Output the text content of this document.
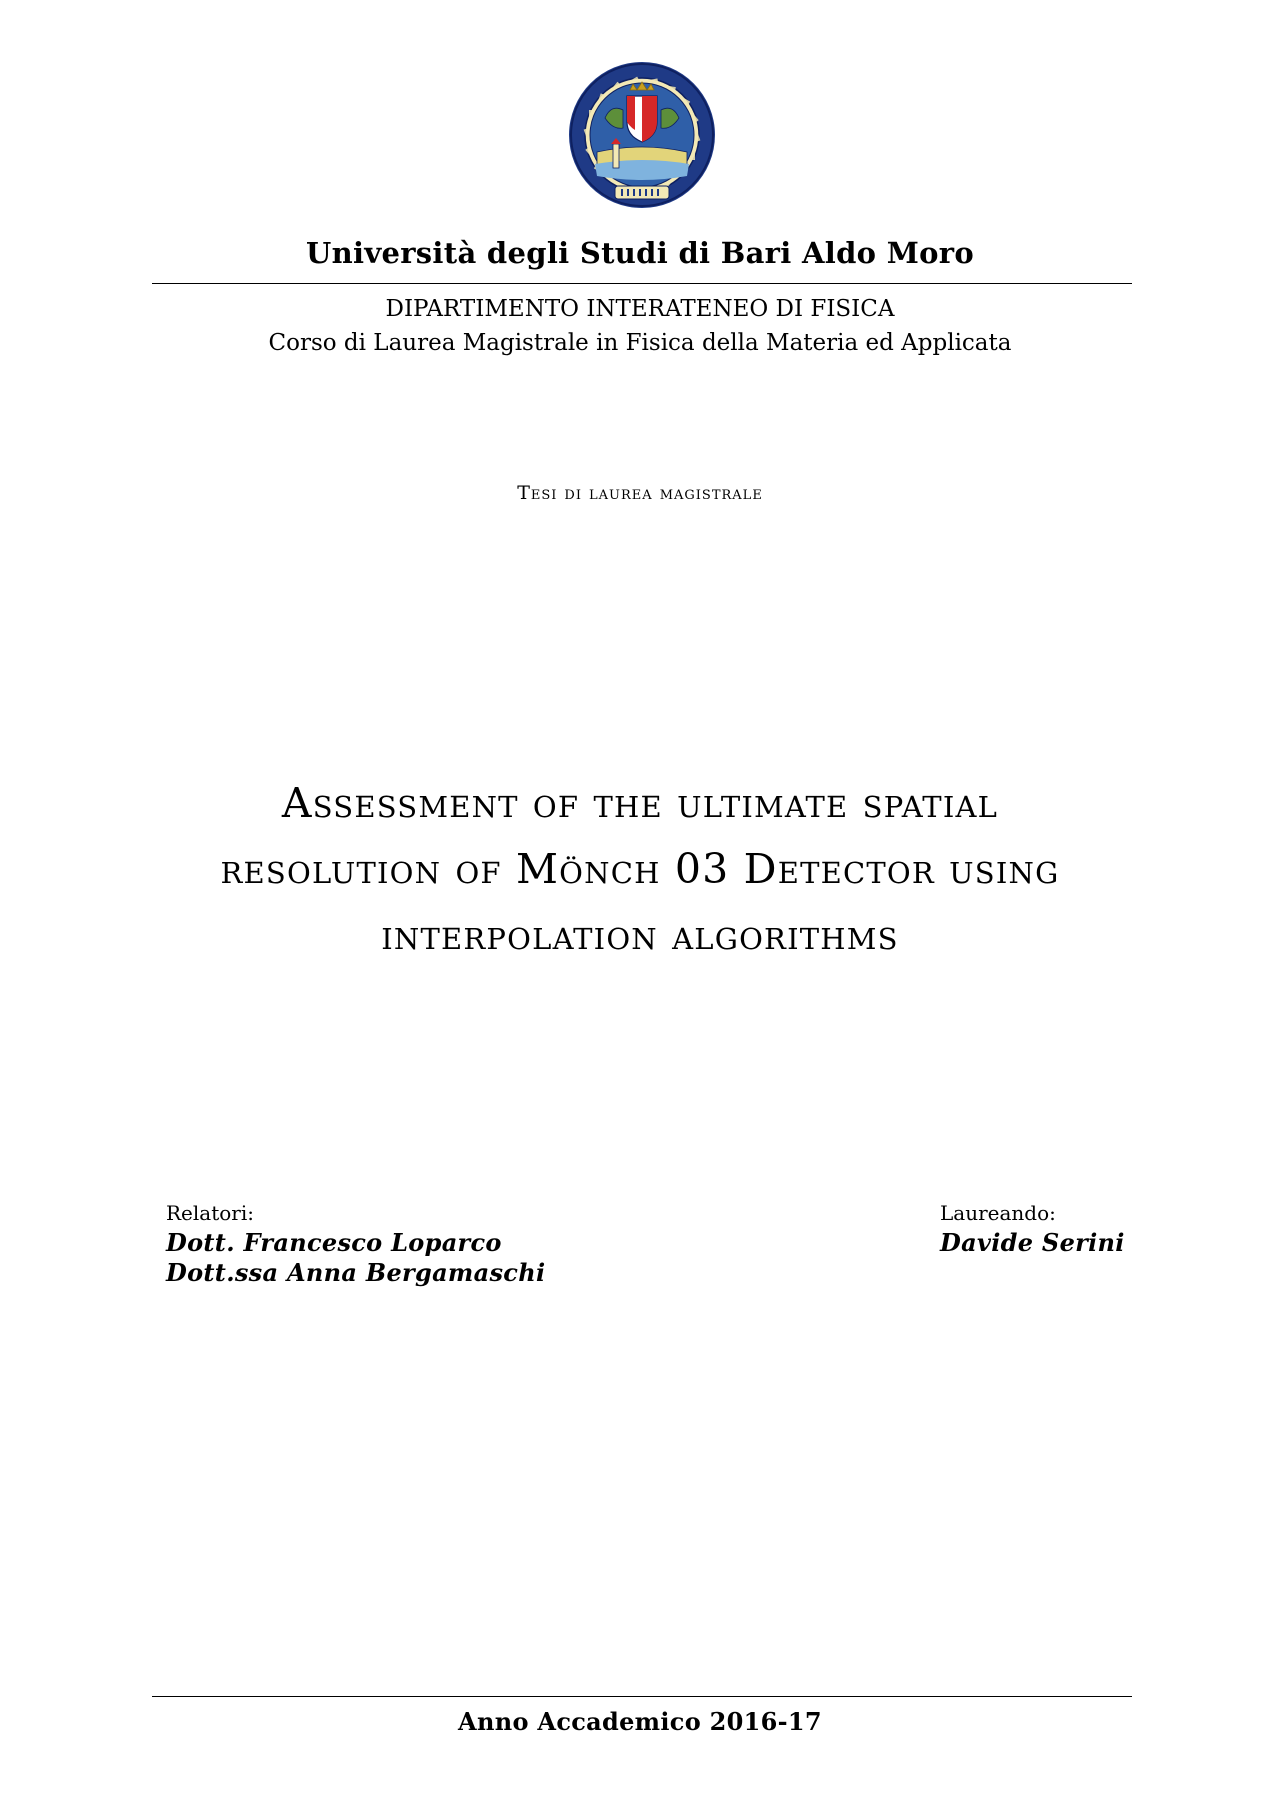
Università degli Studi di Bari Aldo Moro
DIPARTIMENTO INTERATENEO DI FISICA
Corso di Laurea Magistrale in Fisica della Materia ed Applicata
Tesi di laurea magistrale
Assessment of the ultimate spatial
resolution of Mönch 03 Detector using
interpolation algorithms
Relatori:
Dott. Francesco Loparco
Dott.ssa Anna Bergamaschi
Laureando:
Davide Serini
Anno Accademico 2016-17
